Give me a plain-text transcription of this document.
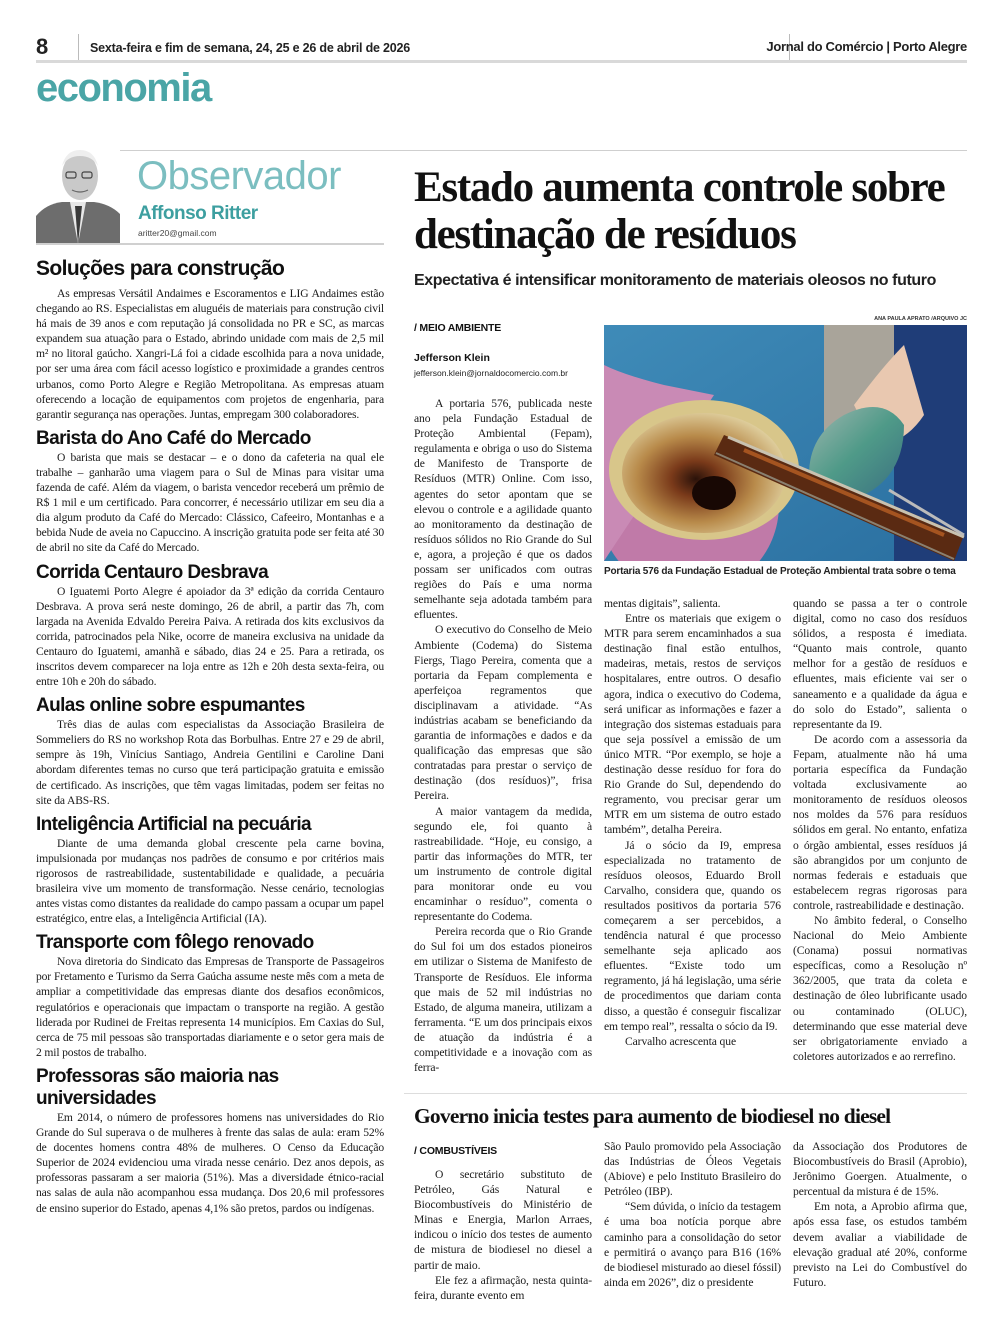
8	Sexta-feira e fim de semana, 24, 25 e 26 de abril de 2026	Jornal do Comércio | Porto Alegre
economia
Observador
Affonso Ritter
aritter20@gmail.com
Soluções para construção

As empresas Versátil Andaimes e Escoramentos e LIG Andaimes estão chegando ao RS. Especialistas em aluguéis de materiais para construção civil há mais de 39 anos e com reputação já consolidada no PR e SC, as marcas expandem sua atuação para o Estado, abrindo unidade com mais de 2,5 mil m² no litoral gaúcho. Xangri-Lá foi a cidade escolhida para a nova unidade, por ser uma área com fácil acesso logístico e proximidade a grandes centros urbanos, como Porto Alegre e Região Metropolitana. As empresas atuam oferecendo a locação de equipamentos com projetos de engenharia, para garantir segurança nas operações. Juntas, empregam 300 colaboradores.

Barista do Ano Café do Mercado

O barista que mais se destacar – e o dono da cafeteria na qual ele trabalhe – ganharão uma viagem para o Sul de Minas para visitar uma fazenda de café. Além da viagem, o barista vencedor receberá um prêmio de R$ 1 mil e um certificado. Para concorrer, é necessário utilizar em seu dia a dia algum produto da Café do Mercado: Clássico, Cafeeiro, Montanhas e a bebida Nude de aveia no Capuccino. A inscrição gratuita pode ser feita até 30 de abril no site da Café do Mercado.

Corrida Centauro Desbrava

O Iguatemi Porto Alegre é apoiador da 3ª edição da corrida Centauro Desbrava. A prova será neste domingo, 26 de abril, a partir das 7h, com largada na Avenida Edvaldo Pereira Paiva. A retirada dos kits exclusivos da corrida, patrocinados pela Nike, ocorre de maneira exclusiva na unidade da Centauro do Iguatemi, amanhã e sábado, dias 24 e 25. Para a retirada, os inscritos devem comparecer na loja entre as 12h e 20h desta sexta-feira, ou entre 10h e 20h do sábado.

Aulas online sobre espumantes

Três dias de aulas com especialistas da Associação Brasileira de Sommeliers do RS no workshop Rota das Borbulhas. Entre 27 e 29 de abril, sempre às 19h, Vinícius Santiago, Andreia Gentilini e Caroline Dani abordam diferentes temas no curso que terá participação gratuita e emissão de certificado. As inscrições, que têm vagas limitadas, podem ser feitas no site da ABS-RS.

Inteligência Artificial na pecuária

Diante de uma demanda global crescente pela carne bovina, impulsionada por mudanças nos padrões de consumo e por critérios mais rigorosos de rastreabilidade, sustentabilidade e qualidade, a pecuária brasileira vive um momento de transformação. Nesse cenário, tecnologias antes vistas como distantes da realidade do campo passam a ocupar um papel estratégico, entre elas, a Inteligência Artificial (IA).

Transporte com fôlego renovado

Nova diretoria do Sindicato das Empresas de Transporte de Passageiros por Fretamento e Turismo da Serra Gaúcha assume neste mês com a meta de ampliar a competitividade das empresas diante dos desafios econômicos, regulatórios e operacionais que impactam o transporte na região. A gestão liderada por Rudinei de Freitas representa 14 municípios. Em Caxias do Sul, cerca de 75 mil pessoas são transportadas diariamente e o setor gera mais de 2 mil postos de trabalho.

Professoras são maioria nas universidades

Em 2014, o número de professores homens nas universidades do Rio Grande do Sul superava o de mulheres à frente das salas de aula: eram 52% de docentes homens contra 48% de mulheres. O Censo da Educação Superior de 2024 evidenciou uma virada nesse cenário. Dez anos depois, as professoras passaram a ser maioria (51%). Mas a diversidade étnico-racial nas salas de aula não acompanhou essa mudança. Dos 20,6 mil professores de ensino superior do Estado, apenas 4,1% são pretos, pardos ou indígenas.

Estado aumenta controle sobre destinação de resíduos
Expectativa é intensificar monitoramento de materiais oleosos no futuro
/ MEIO AMBIENTE
Jefferson Klein
jefferson.klein@jornaldocomercio.com.br
ANA PAULA APRATO /ARQUIVO JC
Portaria 576 da Fundação Estadual de Proteção Ambiental trata sobre o tema

A portaria 576, publicada neste ano pela Fundação Estadual de Proteção Ambiental (Fepam), regulamenta e obriga o uso do Sistema de Manifesto de Transporte de Resíduos (MTR) Online. Com isso, agentes do setor apontam que se elevou o controle e a agilidade quanto ao monitoramento da destinação de resíduos sólidos no Rio Grande do Sul e, agora, a projeção é que os dados possam ser unificados com outras regiões do País e uma norma semelhante seja adotada também para efluentes.

O executivo do Conselho de Meio Ambiente (Codema) do Sistema Fiergs, Tiago Pereira, comenta que a portaria da Fepam complementa e aperfeiçoa regramentos que disciplinavam a atividade. “As indústrias acabam se beneficiando da garantia de informações e dados e da qualificação das empresas que são contratadas para prestar o serviço de destinação (dos resíduos)”, frisa Pereira.

A maior vantagem da medida, segundo ele, foi quanto à rastreabilidade. “Hoje, eu consigo, a partir das informações do MTR, ter um instrumento de controle digital para monitorar onde eu vou encaminhar o resíduo”, comenta o representante do Codema.

Pereira recorda que o Rio Grande do Sul foi um dos estados pioneiros em utilizar o Sistema de Manifesto de Transporte de Resíduos. Ele informa que mais de 52 mil indústrias no Estado, de alguma maneira, utilizam a ferramenta. “E um dos principais eixos de atuação da indústria é a competitividade e a inovação com as ferra-

mentas digitais”, salienta.

Entre os materiais que exigem o MTR para serem encaminhados a sua destinação final estão entulhos, madeiras, metais, restos de serviços hospitalares, entre outros. O desafio agora, indica o executivo do Codema, será unificar as informações e fazer a integração dos sistemas estaduais para que seja possível a emissão de um único MTR. “Por exemplo, se hoje a destinação desse resíduo for fora do Rio Grande do Sul, dependendo do regramento, vou precisar gerar um MTR em um sistema de outro estado também”, detalha Pereira.

Já o sócio da I9, empresa especializada no tratamento de resíduos oleosos, Eduardo Broll Carvalho, considera que, quando os resultados positivos da portaria 576 começarem a ser percebidos, a tendência natural é que processo semelhante seja aplicado aos efluentes. “Existe todo um regramento, já há legislação, uma série de procedimentos que dariam conta disso, a questão é conseguir fiscalizar em tempo real”, ressalta o sócio da I9.

Carvalho acrescenta que

quando se passa a ter o controle digital, como no caso dos resíduos sólidos, a resposta é imediata. “Quanto mais controle, quanto melhor for a gestão de resíduos e efluentes, mais eficiente vai ser o saneamento e a qualidade da água e do solo do Estado”, salienta o representante da I9.

De acordo com a assessoria da Fepam, atualmente não há uma portaria específica da Fundação voltada exclusivamente ao monitoramento de resíduos oleosos nos moldes da 576 para resíduos sólidos em geral. No entanto, enfatiza o órgão ambiental, esses resíduos já são abrangidos por um conjunto de normas federais e estaduais que estabelecem regras rigorosas para controle, rastreabilidade e destinação.

No âmbito federal, o Conselho Nacional do Meio Ambiente (Conama) possui normativas específicas, como a Resolução nº 362/2005, que trata da coleta e destinação de óleo lubrificante usado ou contaminado (OLUC), determinando que esse material deve ser obrigatoriamente enviado a coletores autorizados e ao rerrefino.

Governo inicia testes para aumento de biodiesel no diesel
/ COMBUSTÍVEIS

O secretário substituto de Petróleo, Gás Natural e Biocombustíveis do Ministério de Minas e Energia, Marlon Arraes, indicou o início dos testes de aumento de mistura de biodiesel no diesel a partir de maio.

Ele fez a afirmação, nesta quinta-feira, durante evento em

São Paulo promovido pela Associação das Indústrias de Óleos Vegetais (Abiove) e pelo Instituto Brasileiro do Petróleo (IBP).

“Sem dúvida, o início da testagem é uma boa notícia porque abre caminho para a consolidação do setor e permitirá o avanço para B16 (16% de biodiesel misturado ao diesel fóssil) ainda em 2026”, diz o presidente

da Associação dos Produtores de Biocombustíveis do Brasil (Aprobio), Jerônimo Goergen. Atualmente, o percentual da mistura é de 15%.

Em nota, a Aprobio afirma que, após essa fase, os estudos também devem avaliar a viabilidade de elevação gradual até 20%, conforme previsto na Lei do Combustível do Futuro.
